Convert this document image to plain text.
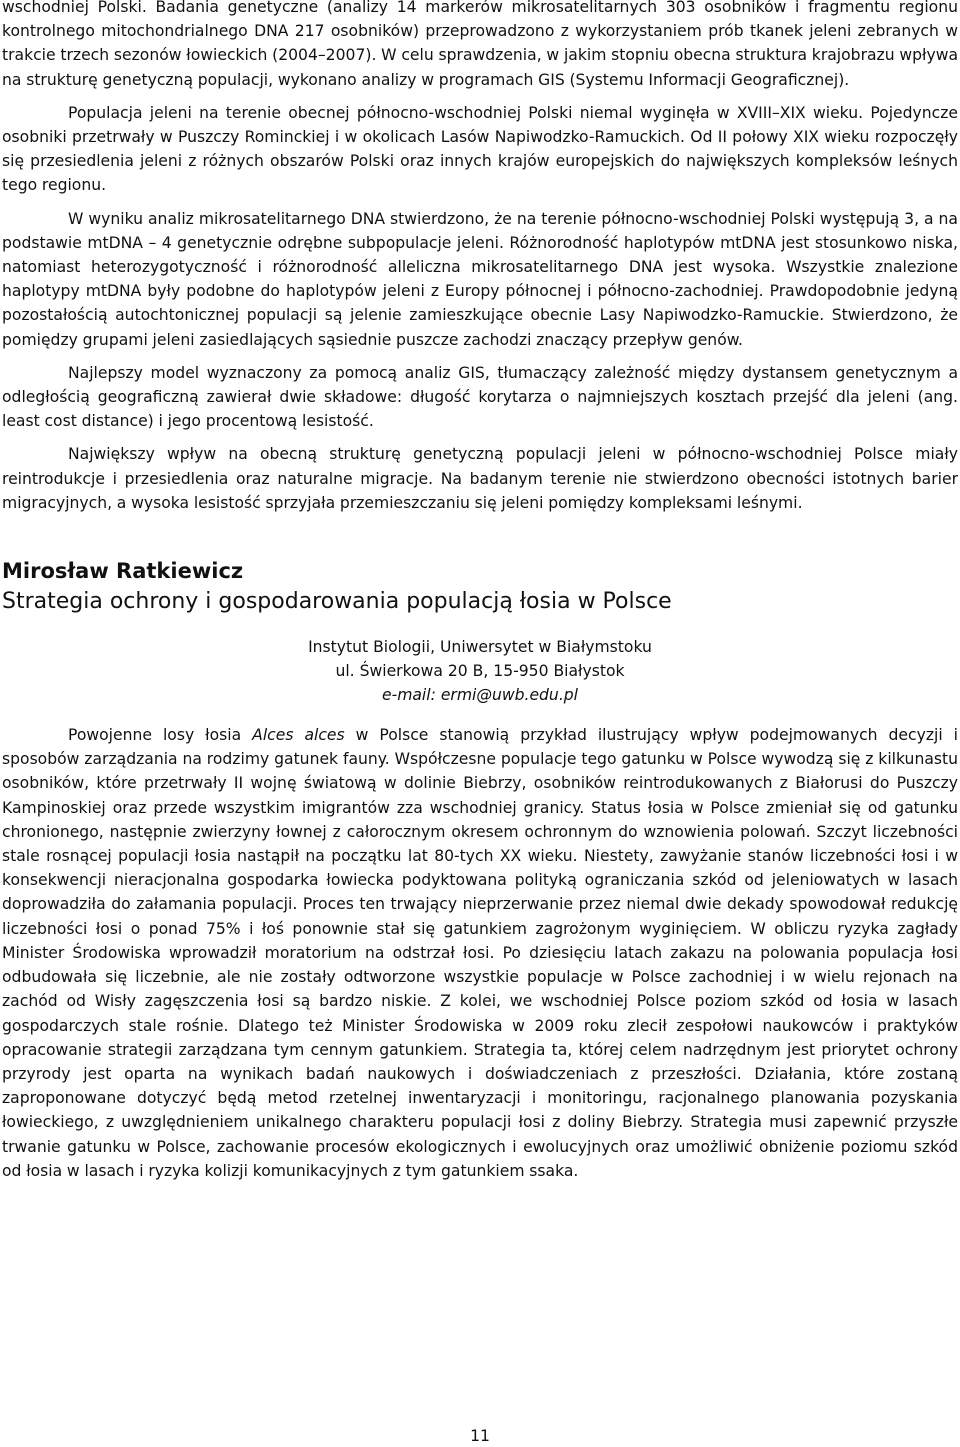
wschodniej Polski. Badania genetyczne (analizy 14 markerów mikrosatelitarnych 303 osobników i fragmentu regionu kontrolnego mitochondrialnego DNA 217 osobników) przeprowadzono z wykorzystaniem prób tkanek jeleni zebranych w trakcie trzech sezonów łowieckich (2004–2007). W celu sprawdzenia, w jakim stopniu obecna struktura krajobrazu wpływa na strukturę genetyczną populacji, wykonano analizy w programach GIS (Systemu Informacji Geograficznej).

Populacja jeleni na terenie obecnej północno-wschodniej Polski niemal wyginęła w XVIII–XIX wieku. Pojedyncze osobniki przetrwały w Puszczy Rominckiej i w okolicach Lasów Napiwodzko-Ramuckich. Od II połowy XIX wieku rozpoczęły się przesiedlenia jeleni z różnych obszarów Polski oraz innych krajów europejskich do największych kompleksów leśnych tego regionu.

W wyniku analiz mikrosatelitarnego DNA stwierdzono, że na terenie północno-wschodniej Polski występują 3, a na podstawie mtDNA – 4 genetycznie odrębne subpopulacje jeleni. Różnorodność haplotypów mtDNA jest stosunkowo niska, natomiast heterozygotyczność i różnorodność alleliczna mikrosatelitarnego DNA jest wysoka. Wszystkie znalezione haplotypy mtDNA były podobne do haplotypów jeleni z Europy północnej i północno-zachodniej. Prawdopodobnie jedyną pozostałością autochtonicznej populacji są jelenie zamieszkujące obecnie Lasy Napiwodzko-Ramuckie. Stwierdzono, że pomiędzy grupami jeleni zasiedlających sąsiednie puszcze zachodzi znaczący przepływ genów.

Najlepszy model wyznaczony za pomocą analiz GIS, tłumaczący zależność między dystansem genetycznym a odległością geograficzną zawierał dwie składowe: długość korytarza o najmniejszych kosztach przejść dla jeleni (ang. least cost distance) i jego procentową lesistość.

Największy wpływ na obecną strukturę genetyczną populacji jeleni w północno-wschodniej Polsce miały reintrodukcje i przesiedlenia oraz naturalne migracje. Na badanym terenie nie stwierdzono obecności istotnych barier migracyjnych, a wysoka lesistość sprzyjała przemieszczaniu się jeleni pomiędzy kompleksami leśnymi.

Mirosław Ratkiewicz
Strategia ochrony i gospodarowania populacją łosia w Polsce
Instytut Biologii, Uniwersytet w Białymstoku
ul. Świerkowa 20 B, 15-950 Białystok
e-mail: ermi@uwb.edu.pl

Powojenne losy łosia Alces alces w Polsce stanowią przykład ilustrujący wpływ podejmowanych decyzji i sposobów zarządzania na rodzimy gatunek fauny. Współczesne populacje tego gatunku w Polsce wywodzą się z kilkunastu osobników, które przetrwały II wojnę światową w dolinie Biebrzy, osobników reintrodukowanych z Białorusi do Puszczy Kampinoskiej oraz przede wszystkim imigrantów zza wschodniej granicy. Status łosia w Polsce zmieniał się od gatunku chronionego, następnie zwierzyny łownej z całorocznym okresem ochronnym do wznowienia polowań. Szczyt liczebności stale rosnącej populacji łosia nastąpił na początku lat 80-tych XX wieku. Niestety, zawyżanie stanów liczebności łosi i w konsekwencji nieracjonalna gospodarka łowiecka podyktowana polityką ograniczania szkód od jeleniowatych w lasach doprowadziła do załamania populacji. Proces ten trwający nieprzerwanie przez niemal dwie dekady spowodował redukcję liczebności łosi o ponad 75% i łoś ponownie stał się gatunkiem zagrożonym wyginięciem. W obliczu ryzyka zagłady Minister Środowiska wprowadził moratorium na odstrzał łosi. Po dziesięciu latach zakazu na polowania populacja łosi odbudowała się liczebnie, ale nie zostały odtworzone wszystkie populacje w Polsce zachodniej i w wielu rejonach na zachód od Wisły zagęszczenia łosi są bardzo niskie. Z kolei, we wschodniej Polsce poziom szkód od łosia w lasach gospodarczych stale rośnie. Dlatego też Minister Środowiska w 2009 roku zlecił zespołowi naukowców i praktyków opracowanie strategii zarządzana tym cennym gatunkiem. Strategia ta, której celem nadrzędnym jest priorytet ochrony przyrody jest oparta na wynikach badań naukowych i doświadczeniach z przeszłości. Działania, które zostaną zaproponowane dotyczyć będą metod rzetelnej inwentaryzacji i monitoringu, racjonalnego planowania pozyskania łowieckiego, z uwzględnieniem unikalnego charakteru populacji łosi z doliny Biebrzy. Strategia musi zapewnić przyszłe trwanie gatunku w Polsce, zachowanie procesów ekologicznych i ewolucyjnych oraz umożliwić obniżenie poziomu szkód od łosia w lasach i ryzyka kolizji komunikacyjnych z tym gatunkiem ssaka.

11
